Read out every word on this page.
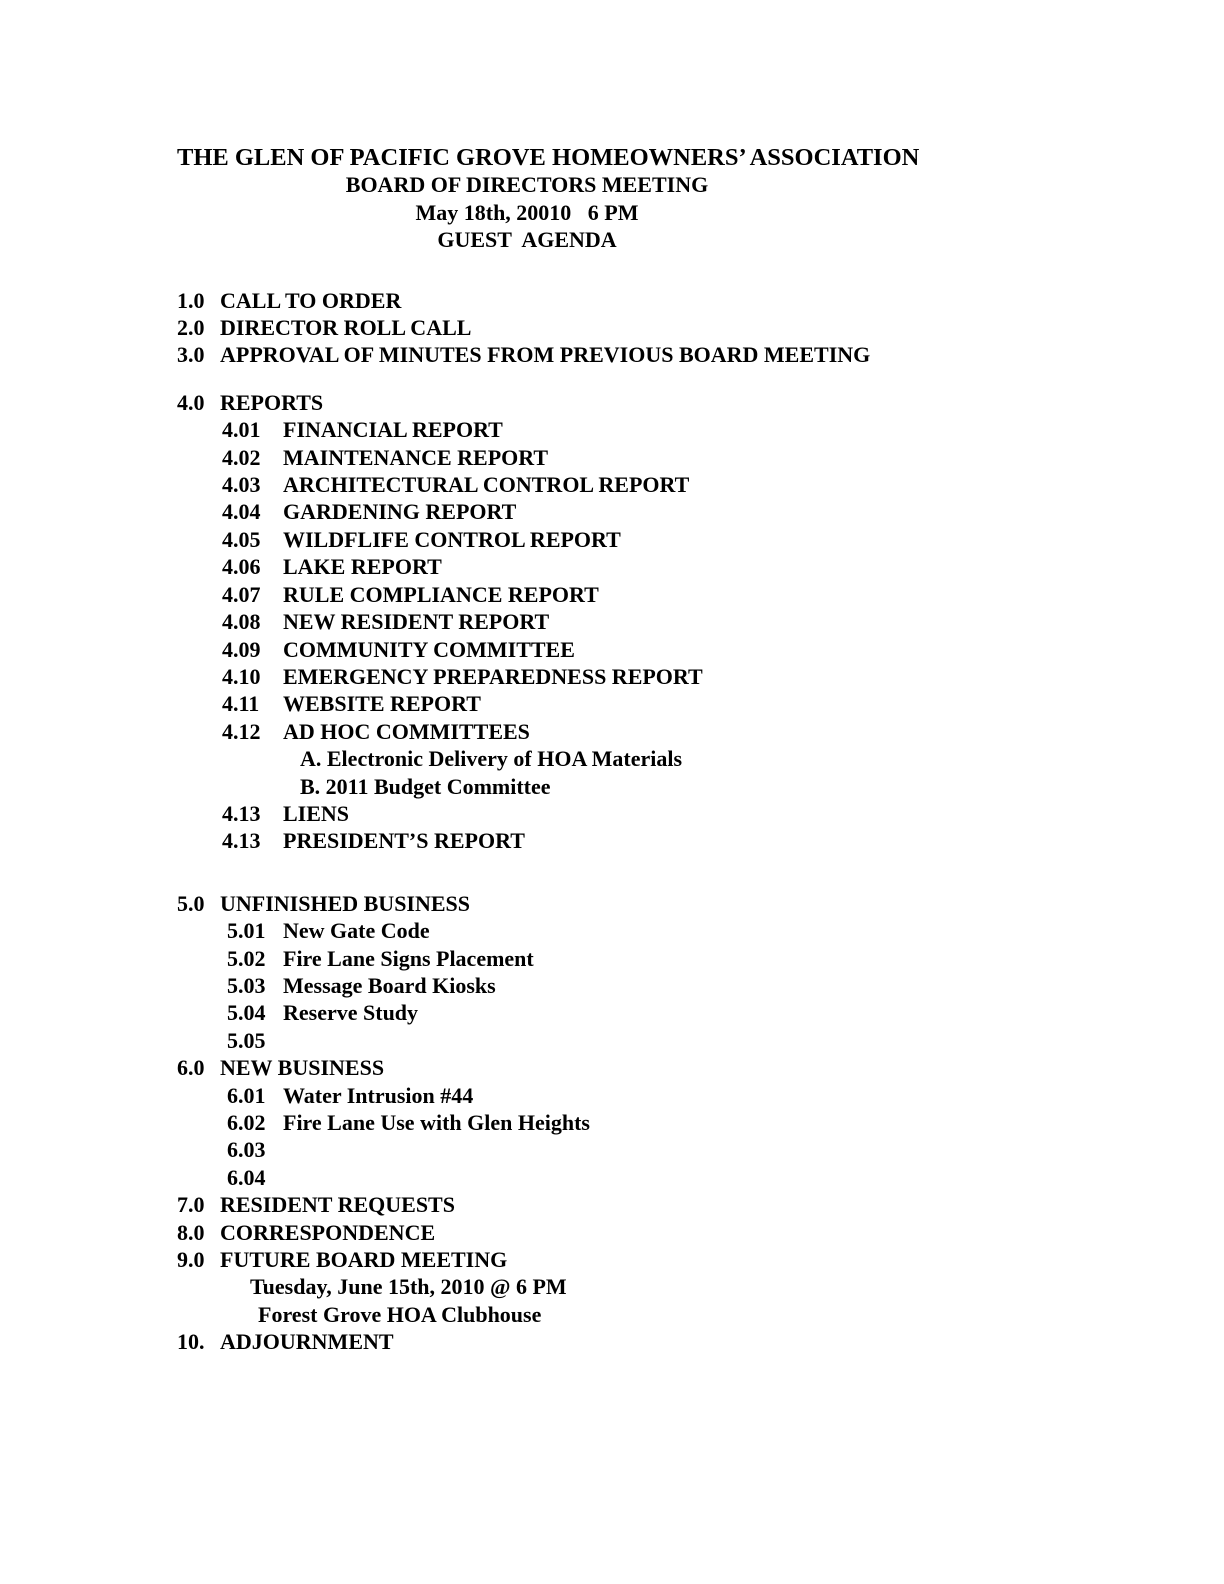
THE GLEN OF PACIFIC GROVE HOMEOWNERS’ ASSOCIATION
BOARD OF DIRECTORS MEETING
May 18th, 20010   6 PM
GUEST  AGENDA
1.0 CALL TO ORDER
2.0 DIRECTOR ROLL CALL
3.0 APPROVAL OF MINUTES FROM PREVIOUS BOARD MEETING
4.0 REPORTS
4.01 FINANCIAL REPORT
4.02 MAINTENANCE REPORT
4.03 ARCHITECTURAL CONTROL REPORT
4.04 GARDENING REPORT
4.05 WILDFLIFE CONTROL REPORT
4.06 LAKE REPORT
4.07 RULE COMPLIANCE REPORT
4.08 NEW RESIDENT REPORT
4.09 COMMUNITY COMMITTEE
4.10 EMERGENCY PREPAREDNESS REPORT
4.11 WEBSITE REPORT
4.12 AD HOC COMMITTEES
A. Electronic Delivery of HOA Materials
B. 2011 Budget Committee
4.13 LIENS
4.13 PRESIDENT’S REPORT
5.0 UNFINISHED BUSINESS
5.01 New Gate Code
5.02 Fire Lane Signs Placement
5.03 Message Board Kiosks
5.04 Reserve Study
5.05
6.0 NEW BUSINESS
6.01 Water Intrusion #44
6.02 Fire Lane Use with Glen Heights
6.03
6.04
7.0 RESIDENT REQUESTS
8.0 CORRESPONDENCE
9.0 FUTURE BOARD MEETING
Tuesday, June 15th, 2010 @ 6 PM
Forest Grove HOA Clubhouse
10. ADJOURNMENT
